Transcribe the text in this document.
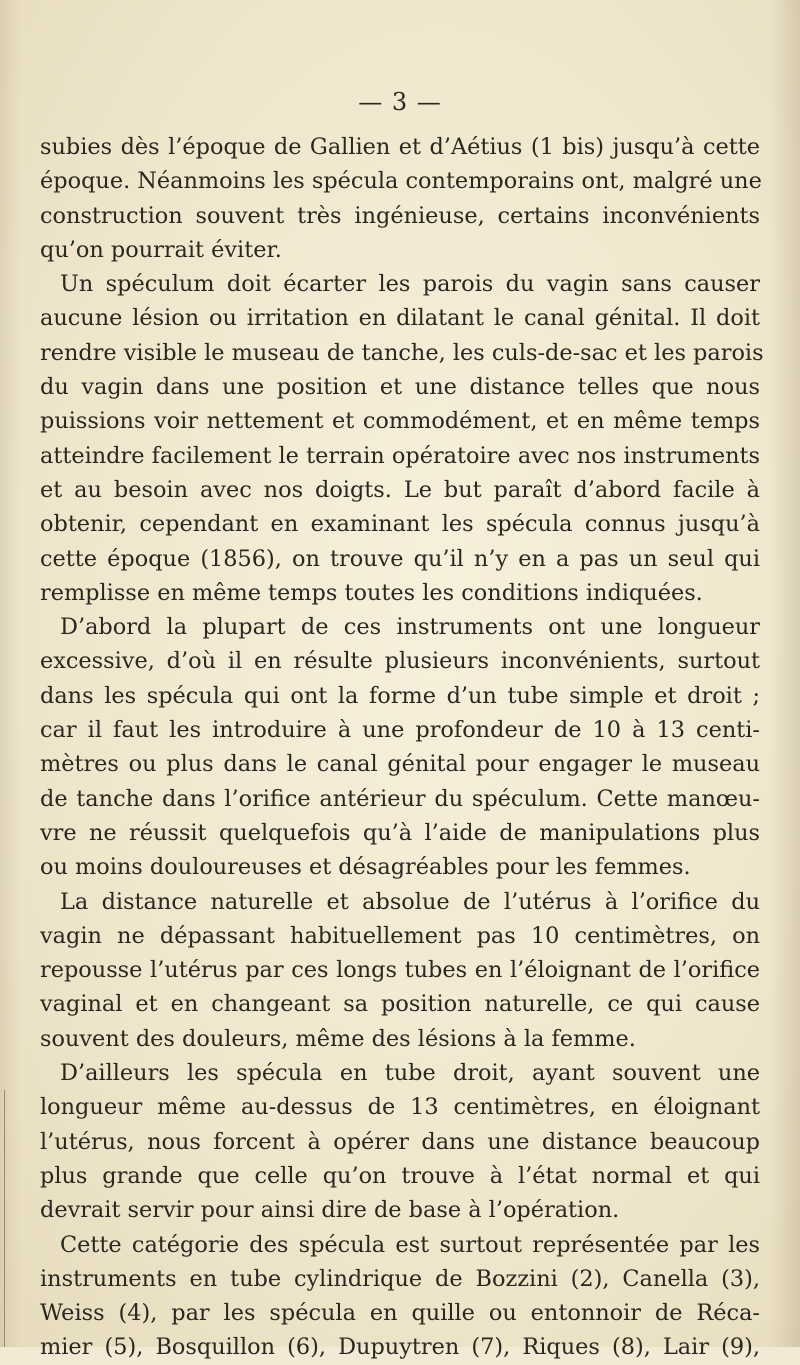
— 3 —
subies dès l’époque de Gallien et d’Aétius (1 bis) jusqu’à cette
époque. Néanmoins les spécula contemporains ont, malgré une
construction souvent très ingénieuse, certains inconvénients
qu’on pourrait éviter.
Un spéculum doit écarter les parois du vagin sans causer
aucune lésion ou irritation en dilatant le canal génital. Il doit
rendre visible le museau de tanche, les culs-de-sac et les parois
du vagin dans une position et une distance telles que nous
puissions voir nettement et commodément, et en même temps
atteindre facilement le terrain opératoire avec nos instruments
et au besoin avec nos doigts. Le but paraît d’abord facile à
obtenir, cependant en examinant les spécula connus jusqu’à
cette époque (1856), on trouve qu’il n’y en a pas un seul qui
remplisse en même temps toutes les conditions indiquées.
D’abord la plupart de ces instruments ont une longueur
excessive, d’où il en résulte plusieurs inconvénients, surtout
dans les spécula qui ont la forme d’un tube simple et droit ;
car il faut les introduire à une profondeur de 10 à 13 centi-
mètres ou plus dans le canal génital pour engager le museau
de tanche dans l’orifice antérieur du spéculum. Cette manœu-
vre ne réussit quelquefois qu’à l’aide de manipulations plus
ou moins douloureuses et désagréables pour les femmes.
La distance naturelle et absolue de l’utérus à l’orifice du
vagin ne dépassant habituellement pas 10 centimètres, on
repousse l’utérus par ces longs tubes en l’éloignant de l’orifice
vaginal et en changeant sa position naturelle, ce qui cause
souvent des douleurs, même des lésions à la femme.
D’ailleurs les spécula en tube droit, ayant souvent une
longueur même au-dessus de 13 centimètres, en éloignant
l’utérus, nous forcent à opérer dans une distance beaucoup
plus grande que celle qu’on trouve à l’état normal et qui
devrait servir pour ainsi dire de base à l’opération.
Cette catégorie des spécula est surtout représentée par les
instruments en tube cylindrique de Bozzini (2), Canella (3),
Weiss (4), par les spécula en quille ou entonnoir de Réca-
mier (5), Bosquillon (6), Dupuytren (7), Riques (8), Lair (9),
